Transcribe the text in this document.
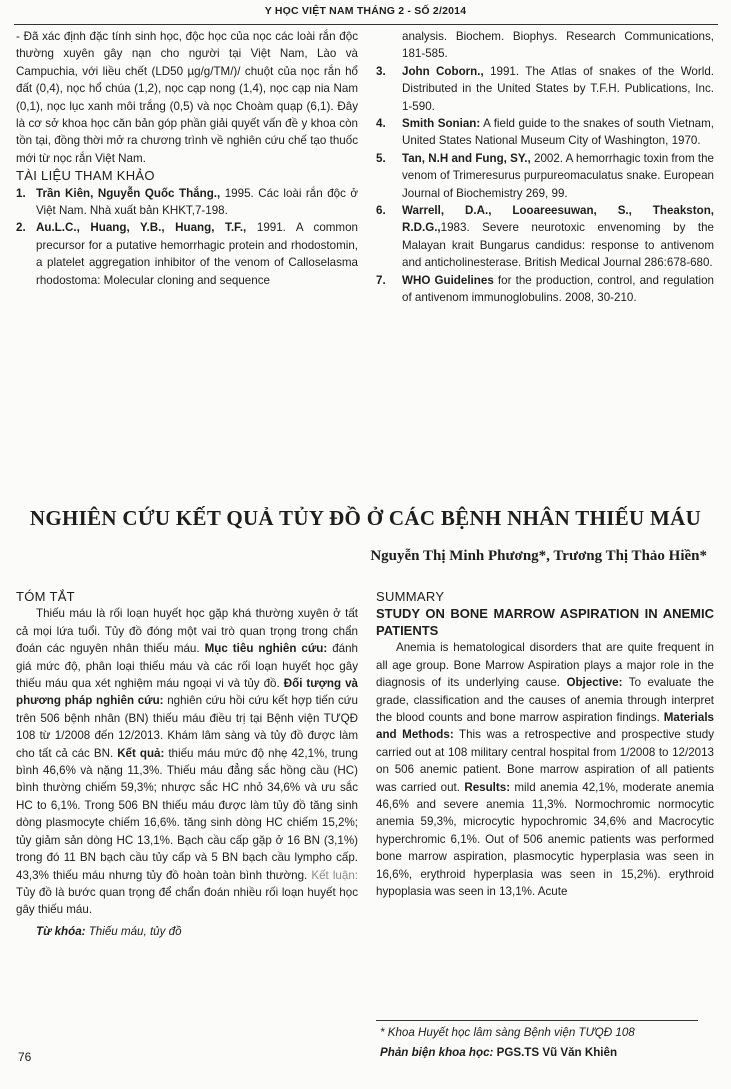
Y HỌC VIỆT NAM THÁNG 2 - SỐ 2/2014

- Đã xác định đặc tính sinh học, độc học của nọc các loài rắn độc thường xuyên gây nạn cho người tại Việt Nam, Lào và Campuchia, với liều chết (LD50 µg/g/TM/)/ chuột của nọc rắn hổ đất (0,4), nọc hổ chúa (1,2), nọc cạp nong (1,4), nọc cạp nia Nam (0,1), nọc lục xanh môi trắng (0,5) và nọc Choàm quạp (6,1). Đây là cơ sở khoa học căn bản góp phần giải quyết vấn đề y khoa còn tồn tại, đồng thời mở ra chương trình về nghiên cứu chế tạo thuốc mới từ nọc rắn Việt Nam.

TÀI LIỆU THAM KHẢO

1. Trần Kiên, Nguyễn Quốc Thắng., 1995. Các loài rắn độc ở Việt Nam. Nhà xuất bản KHKT,7-198.
2. Au.L.C., Huang, Y.B., Huang, T.F., 1991. A common precursor for a putative hemorrhagic protein and rhodostomin, a platelet aggregation inhibitor of the venom of Calloselasma rhodostoma: Molecular cloning and sequence
analysis. Biochem. Biophys. Research Communications, 181-585.
3.	John Coborn., 1991. The Atlas of snakes of the World. Distributed in the United States by T.F.H. Publications, Inc. 1-590.
4.	Smith Sonian: A field guide to the snakes of south Vietnam, United States National Museum City of Washington, 1970.
5.	Tan, N.H and Fung, SY., 2002. A hemorrhagic toxin from the venom of Trimeresurus purpureomaculatus snake. European Journal of Biochemistry 269, 99.
6.	Warrell, D.A., Looareesuwan, S., Theakston, R.D.G.,1983. Severe neurotoxic envenoming by the Malayan krait Bungarus candidus: response to antivenom and anticholinesterase. British Medical Journal 286:678-680.
7.	WHO Guidelines for the production, control, and regulation of antivenom immunoglobulins. 2008, 30-210.
NGHIÊN CỨU KẾT QUẢ TỦY ĐỒ Ở CÁC BỆNH NHÂN THIẾU MÁU
Nguyễn Thị Minh Phương*, Trương Thị Thảo Hiền*

TÓM TẮT

Thiếu máu là rối loạn huyết học gặp khá thường xuyên ở tất cả mọi lứa tuổi. Tủy đồ đóng một vai trò quan trọng trong chẩn đoán các nguyên nhân thiếu máu. Mục tiêu nghiên cứu: đánh giá mức độ, phân loại thiếu máu và các rối loạn huyết học gây thiếu máu qua xét nghiệm máu ngoại vi và tủy đồ. Đối tượng và phương pháp nghiên cứu: nghiên cứu hồi cứu kết hợp tiến cứu trên 506 bệnh nhân (BN) thiếu máu điều trị tại Bệnh viện TƯQĐ 108 từ 1/2008 đến 12/2013. Khám lâm sàng và tủy đồ được làm cho tất cả các BN. Kết quả: thiếu máu mức độ nhẹ 42,1%, trung bình 46,6% và nặng 11,3%. Thiếu máu đẳng sắc hồng cầu (HC) bình thường chiếm 59,3%; nhược sắc HC nhỏ 34,6% và ưu sắc HC to 6,1%. Trong 506 BN thiếu máu được làm tủy đồ tăng sinh dòng plasmocyte chiếm 16,6%. tăng sinh dòng HC chiếm 15,2%; tủy giảm sản dòng HC 13,1%. Bạch cầu cấp gặp ở 16 BN (3,1%) trong đó 11 BN bạch cầu tủy cấp và 5 BN bạch cầu lympho cấp. 43,3% thiếu máu nhưng tủy đồ hoàn toàn bình thường. Kết luận: Tủy đồ là bước quan trọng để chẩn đoán nhiều rối loạn huyết học gây thiếu máu.

Từ khóa: Thiếu máu, tủy đồ

SUMMARY

STUDY ON BONE MARROW ASPIRATION IN ANEMIC PATIENTS

Anemia is hematological disorders that are quite frequent in all age group. Bone Marrow Aspiration plays a major role in the diagnosis of its underlying cause. Objective: To evaluate the grade, classification and the causes of anemia through interpret the blood counts and bone marrow aspiration findings. Materials and Methods: This was a retrospective and prospective study carried out at 108 military central hospital from 1/2008 to 12/2013 on 506 anemic patient. Bone marrow aspiration of all patients was carried out. Results: mild anemia 42,1%, moderate anemia 46,6% and severe anemia 11,3%. Normochromic normocytic anemia 59,3%, microcytic hypochromic 34,6% and Macrocytic hyperchromic 6,1%. Out of 506 anemic patients was performed bone marrow aspiration, plasmocytic hyperplasia was seen in 16,6%, erythroid hyperplasia was seen in 15,2%). erythroid hypoplasia was seen in 13,1%. Acute

* Khoa Huyết học lâm sàng Bệnh viện TƯQĐ 108
Phản biện khoa học: PGS.TS Vũ Văn Khiên
76
